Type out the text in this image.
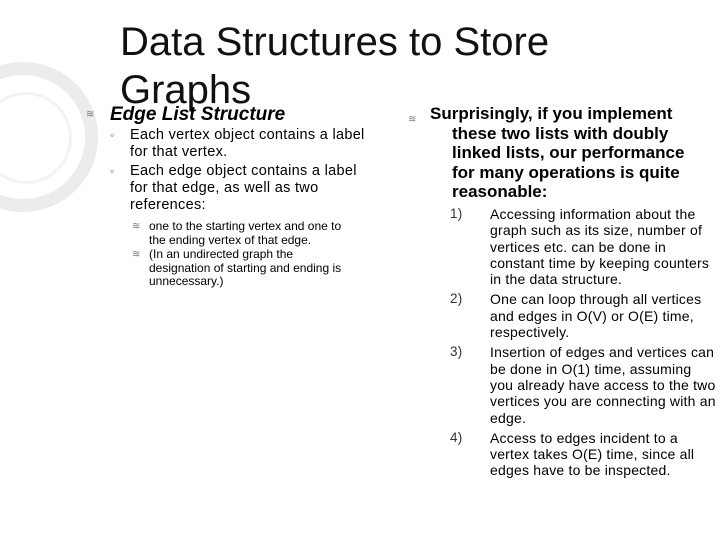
Data Structures to Store Graphs
≋ Edge List Structure
◦ Each vertex object contains a label for that vertex.
◦ Each edge object contains a label for that edge, as well as two references:
≋ one to the starting vertex and one to the ending vertex of that edge.
≋ (In an undirected graph the designation of starting and ending is unnecessary.)
≋ Surprisingly, if you implement
these two lists with doubly
linked lists, our performance
for many operations is quite
reasonable:
1) Accessing information about the graph such as its size, number of vertices etc. can be done in constant time by keeping counters in the data structure.
2) One can loop through all vertices and edges in O(V) or O(E) time, respectively.
3) Insertion of edges and vertices can be done in O(1) time, assuming you already have access to the two vertices you are connecting with an edge.
4) Access to edges incident to a vertex takes O(E) time, since all edges have to be inspected.
